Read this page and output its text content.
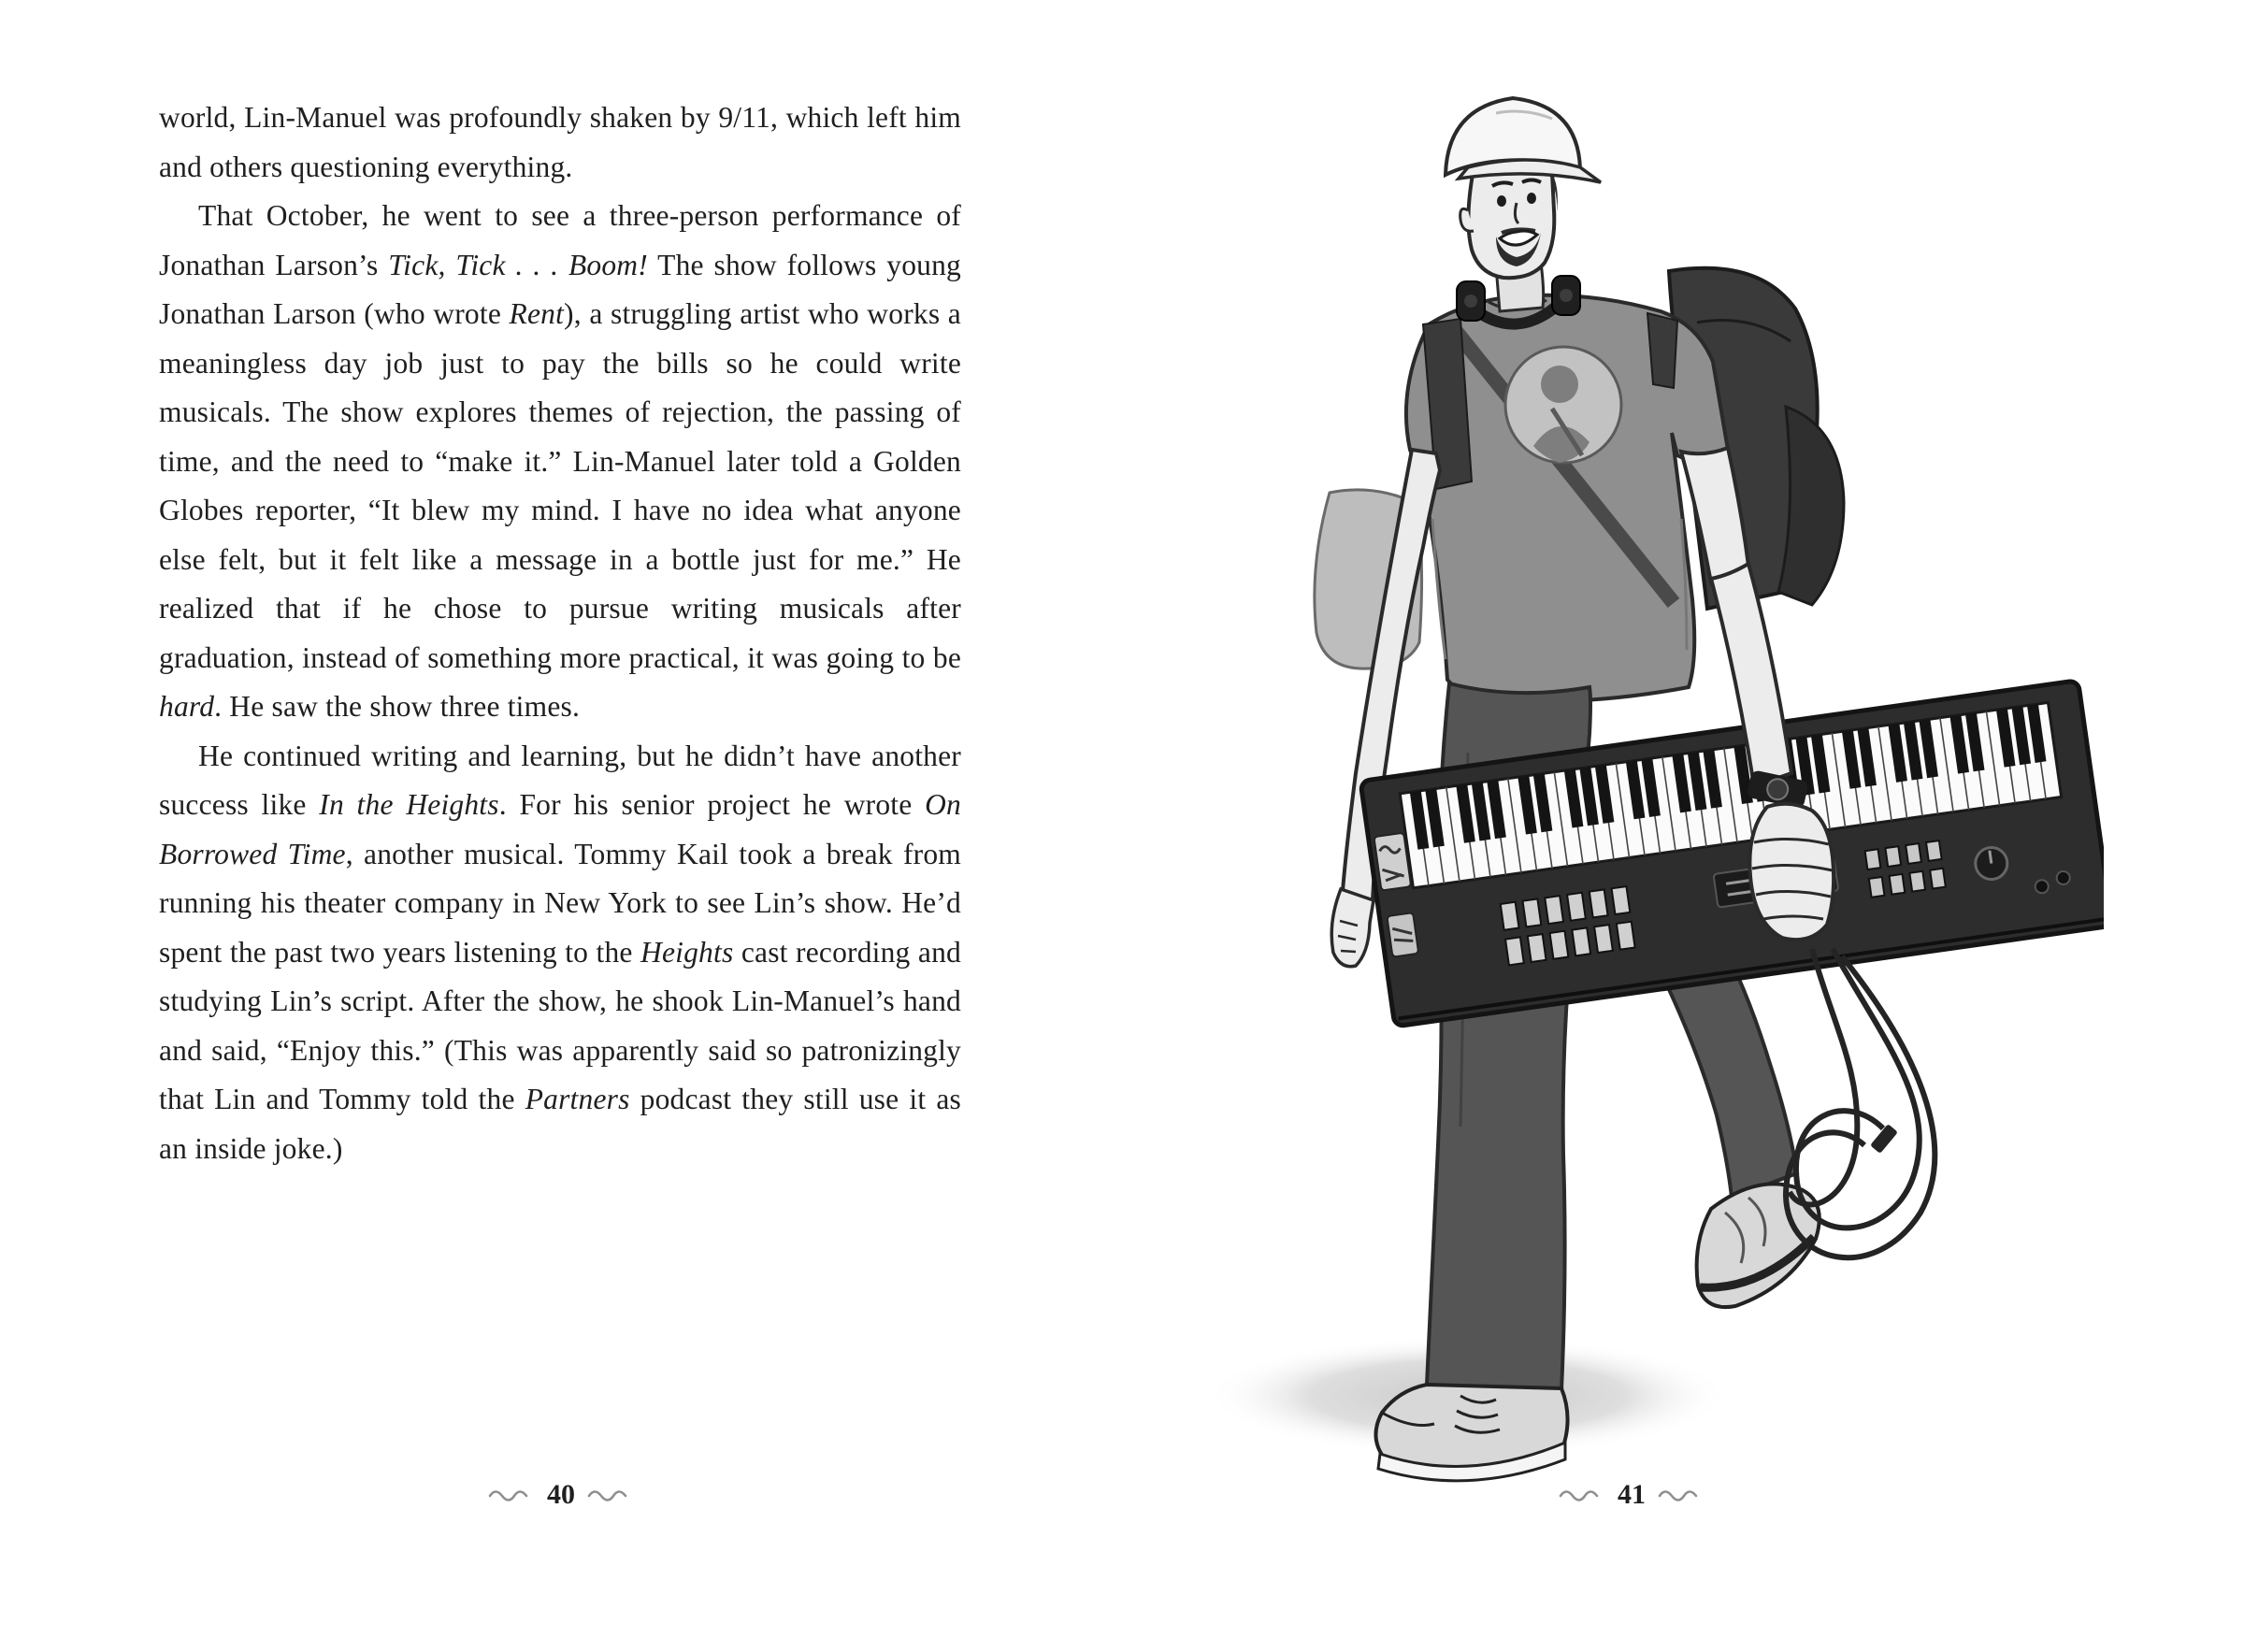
world, Lin-Manuel was profoundly shaken by 9/11, which left him and others questioning everything.

That October, he went to see a three-person performance of Jonathan Larson’s Tick, Tick . . . Boom! The show follows young Jonathan Larson (who wrote Rent), a struggling artist who works a meaningless day job just to pay the bills so he could write musicals. The show explores themes of rejection, the passing of time, and the need to “make it.” Lin-Manuel later told a Golden Globes reporter, “It blew my mind. I have no idea what anyone else felt, but it felt like a message in a bottle just for me.” He realized that if he chose to pursue writing musicals after graduation, instead of something more practical, it was going to be hard. He saw the show three times.

He continued writing and learning, but he didn’t have another success like In the Heights. For his senior project he wrote On Borrowed Time, another musical. Tommy Kail took a break from running his theater company in New York to see Lin’s show. He’d spent the past two years listening to the Heights cast recording and studying Lin’s script. After the show, he shook Lin-Manuel’s hand and said, “Enjoy this.” (This was apparently said so patronizingly that Lin and Tommy told the Partners podcast they still use it as an inside joke.)

40	41
